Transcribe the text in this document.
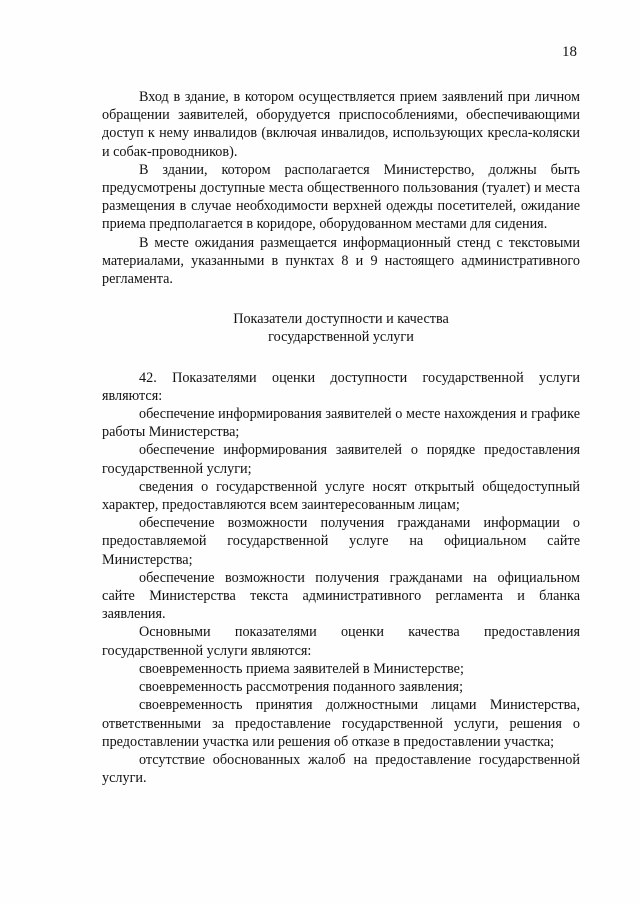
18

Вход в здание, в котором осуществляется прием заявлений при личном обращении заявителей, оборудуется приспособлениями, обеспечивающими доступ к нему инвалидов (включая инвалидов, использующих кресла-коляски и собак-проводников).

В здании, котором располагается Министерство, должны быть предусмотрены доступные места общественного пользования (туалет) и места размещения в случае необходимости верхней одежды посетителей, ожидание приема предполагается в коридоре, оборудованном местами для сидения.

В месте ожидания размещается информационный стенд с текстовыми материалами, указанными в пунктах 8 и 9 настоящего административного регламента.

Показатели доступности и качества
государственной услуги

42. Показателями оценки доступности государственной услуги являются:

обеспечение информирования заявителей о месте нахождения и графике работы Министерства;

обеспечение информирования заявителей о порядке предоставления государственной услуги;

сведения о государственной услуге носят открытый общедоступный характер, предоставляются всем заинтересованным лицам;

обеспечение возможности получения гражданами информации о предоставляемой государственной услуге на официальном сайте Министерства;

обеспечение возможности получения гражданами на официальном сайте Министерства текста административного регламента и бланка заявления.

Основными показателями оценки качества предоставления государственной услуги являются:

своевременность приема заявителей в Министерстве;

своевременность рассмотрения поданного заявления;

своевременность принятия должностными лицами Министерства, ответственными за предоставление государственной услуги, решения о предоставлении участка или решения об отказе в предоставлении участка;

отсутствие обоснованных жалоб на предоставление государственной услуги.
